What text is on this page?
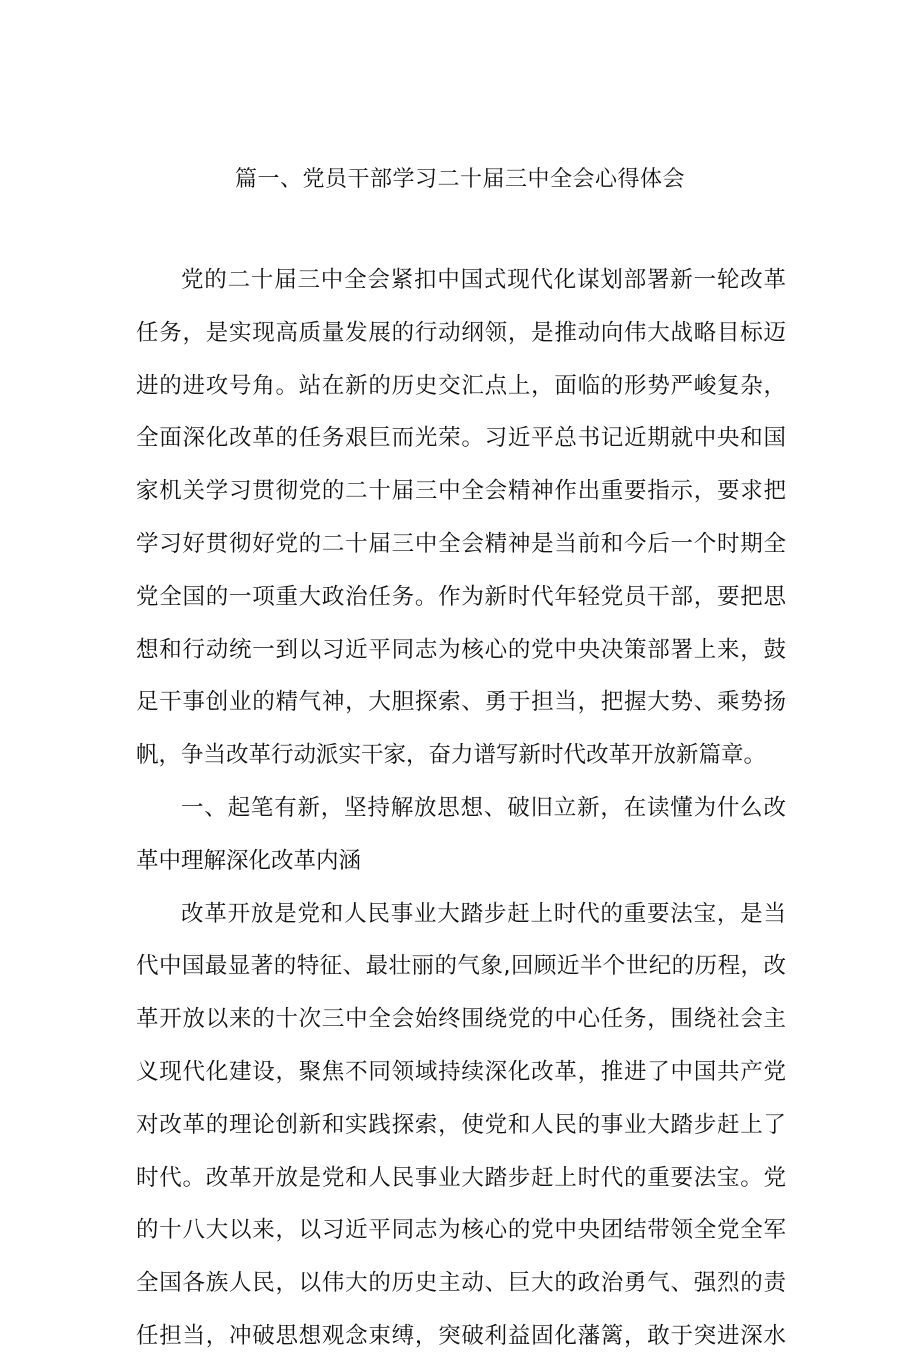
篇一、党员干部学习二十届三中全会心得体会
党的二十届三中全会紧扣中国式现代化谋划部署新一轮改革
任务，是实现高质量发展的行动纲领，是推动向伟大战略目标迈
进的进攻号角。站在新的历史交汇点上，面临的形势严峻复杂，
全面深化改革的任务艰巨而光荣。习近平总书记近期就中央和国
家机关学习贯彻党的二十届三中全会精神作出重要指示，要求把
学习好贯彻好党的二十届三中全会精神是当前和今后一个时期全
党全国的一项重大政治任务。作为新时代年轻党员干部，要把思
想和行动统一到以习近平同志为核心的党中央决策部署上来，鼓
足干事创业的精气神，大胆探索、勇于担当，把握大势、乘势扬
帆，争当改革行动派实干家，奋力谱写新时代改革开放新篇章。
一、起笔有新，坚持解放思想、破旧立新，在读懂为什么改
革中理解深化改革内涵
改革开放是党和人民事业大踏步赶上时代的重要法宝，是当
代中国最显著的特征、最壮丽的气象,回顾近半个世纪的历程，改
革开放以来的十次三中全会始终围绕党的中心任务，围绕社会主
义现代化建设，聚焦不同领域持续深化改革，推进了中国共产党
对改革的理论创新和实践探索，使党和人民的事业大踏步赶上了
时代。改革开放是党和人民事业大踏步赶上时代的重要法宝。党
的十八大以来，以习近平同志为核心的党中央团结带领全党全军
全国各族人民，以伟大的历史主动、巨大的政治勇气、强烈的责
任担当，冲破思想观念束缚，突破利益固化藩篱，敢于突进深水
